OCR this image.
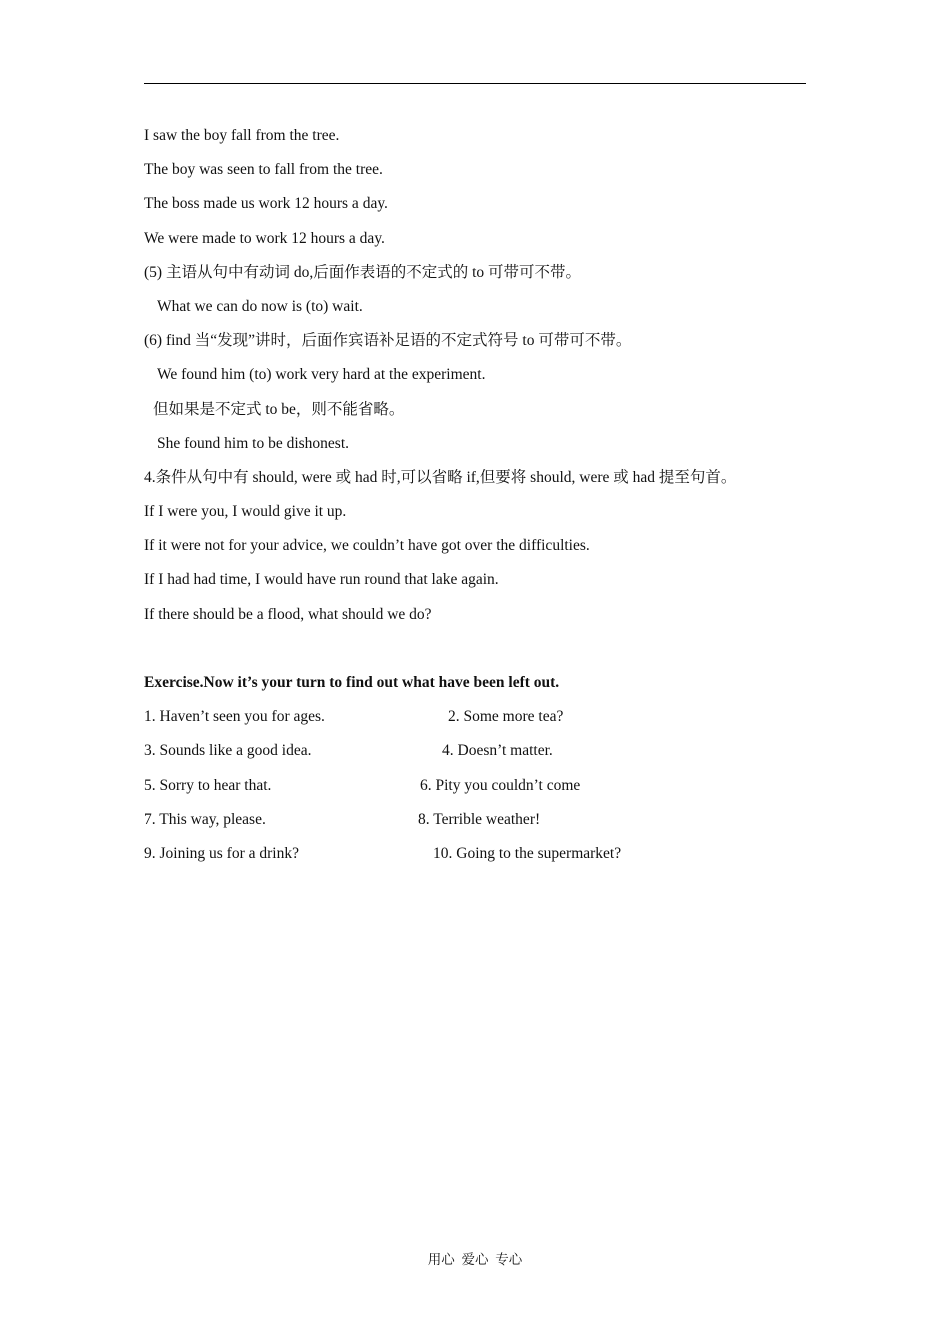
I saw the boy fall from the tree.
The boy was seen to fall from the tree.
The boss made us work 12 hours a day.
We were made to work 12 hours a day.
(5) 主语从句中有动词 do,后面作表语的不定式的 to 可带可不带。
What we can do now is (to) wait.
(6) find 当“发现”讲时，后面作宾语补足语的不定式符号 to 可带可不带。
We found him (to) work very hard at the experiment.
但如果是不定式 to be，则不能省略。
She found him to be dishonest.
4.条件从句中有 should, were 或 had 时,可以省略 if,但要将 should, were 或 had 提至句首。
If I were you, I would give it up.
If it were not for your advice, we couldn’t have got over the difficulties.
If I had had time, I would have run round that lake again.
If there should be a flood, what should we do?
Exercise.Now it’s your turn to find out what have been left out.

1. Haven’t seen you for ages.

	2. Some more tea?

3. Sounds like a good idea.

	4. Doesn’t matter.

5. Sorry to hear that.

	6. Pity you couldn’t come

7. This way, please.

	8. Terrible weather!

9. Joining us for a drink?

	10. Going to the supermarket?

用心  爱心  专心
